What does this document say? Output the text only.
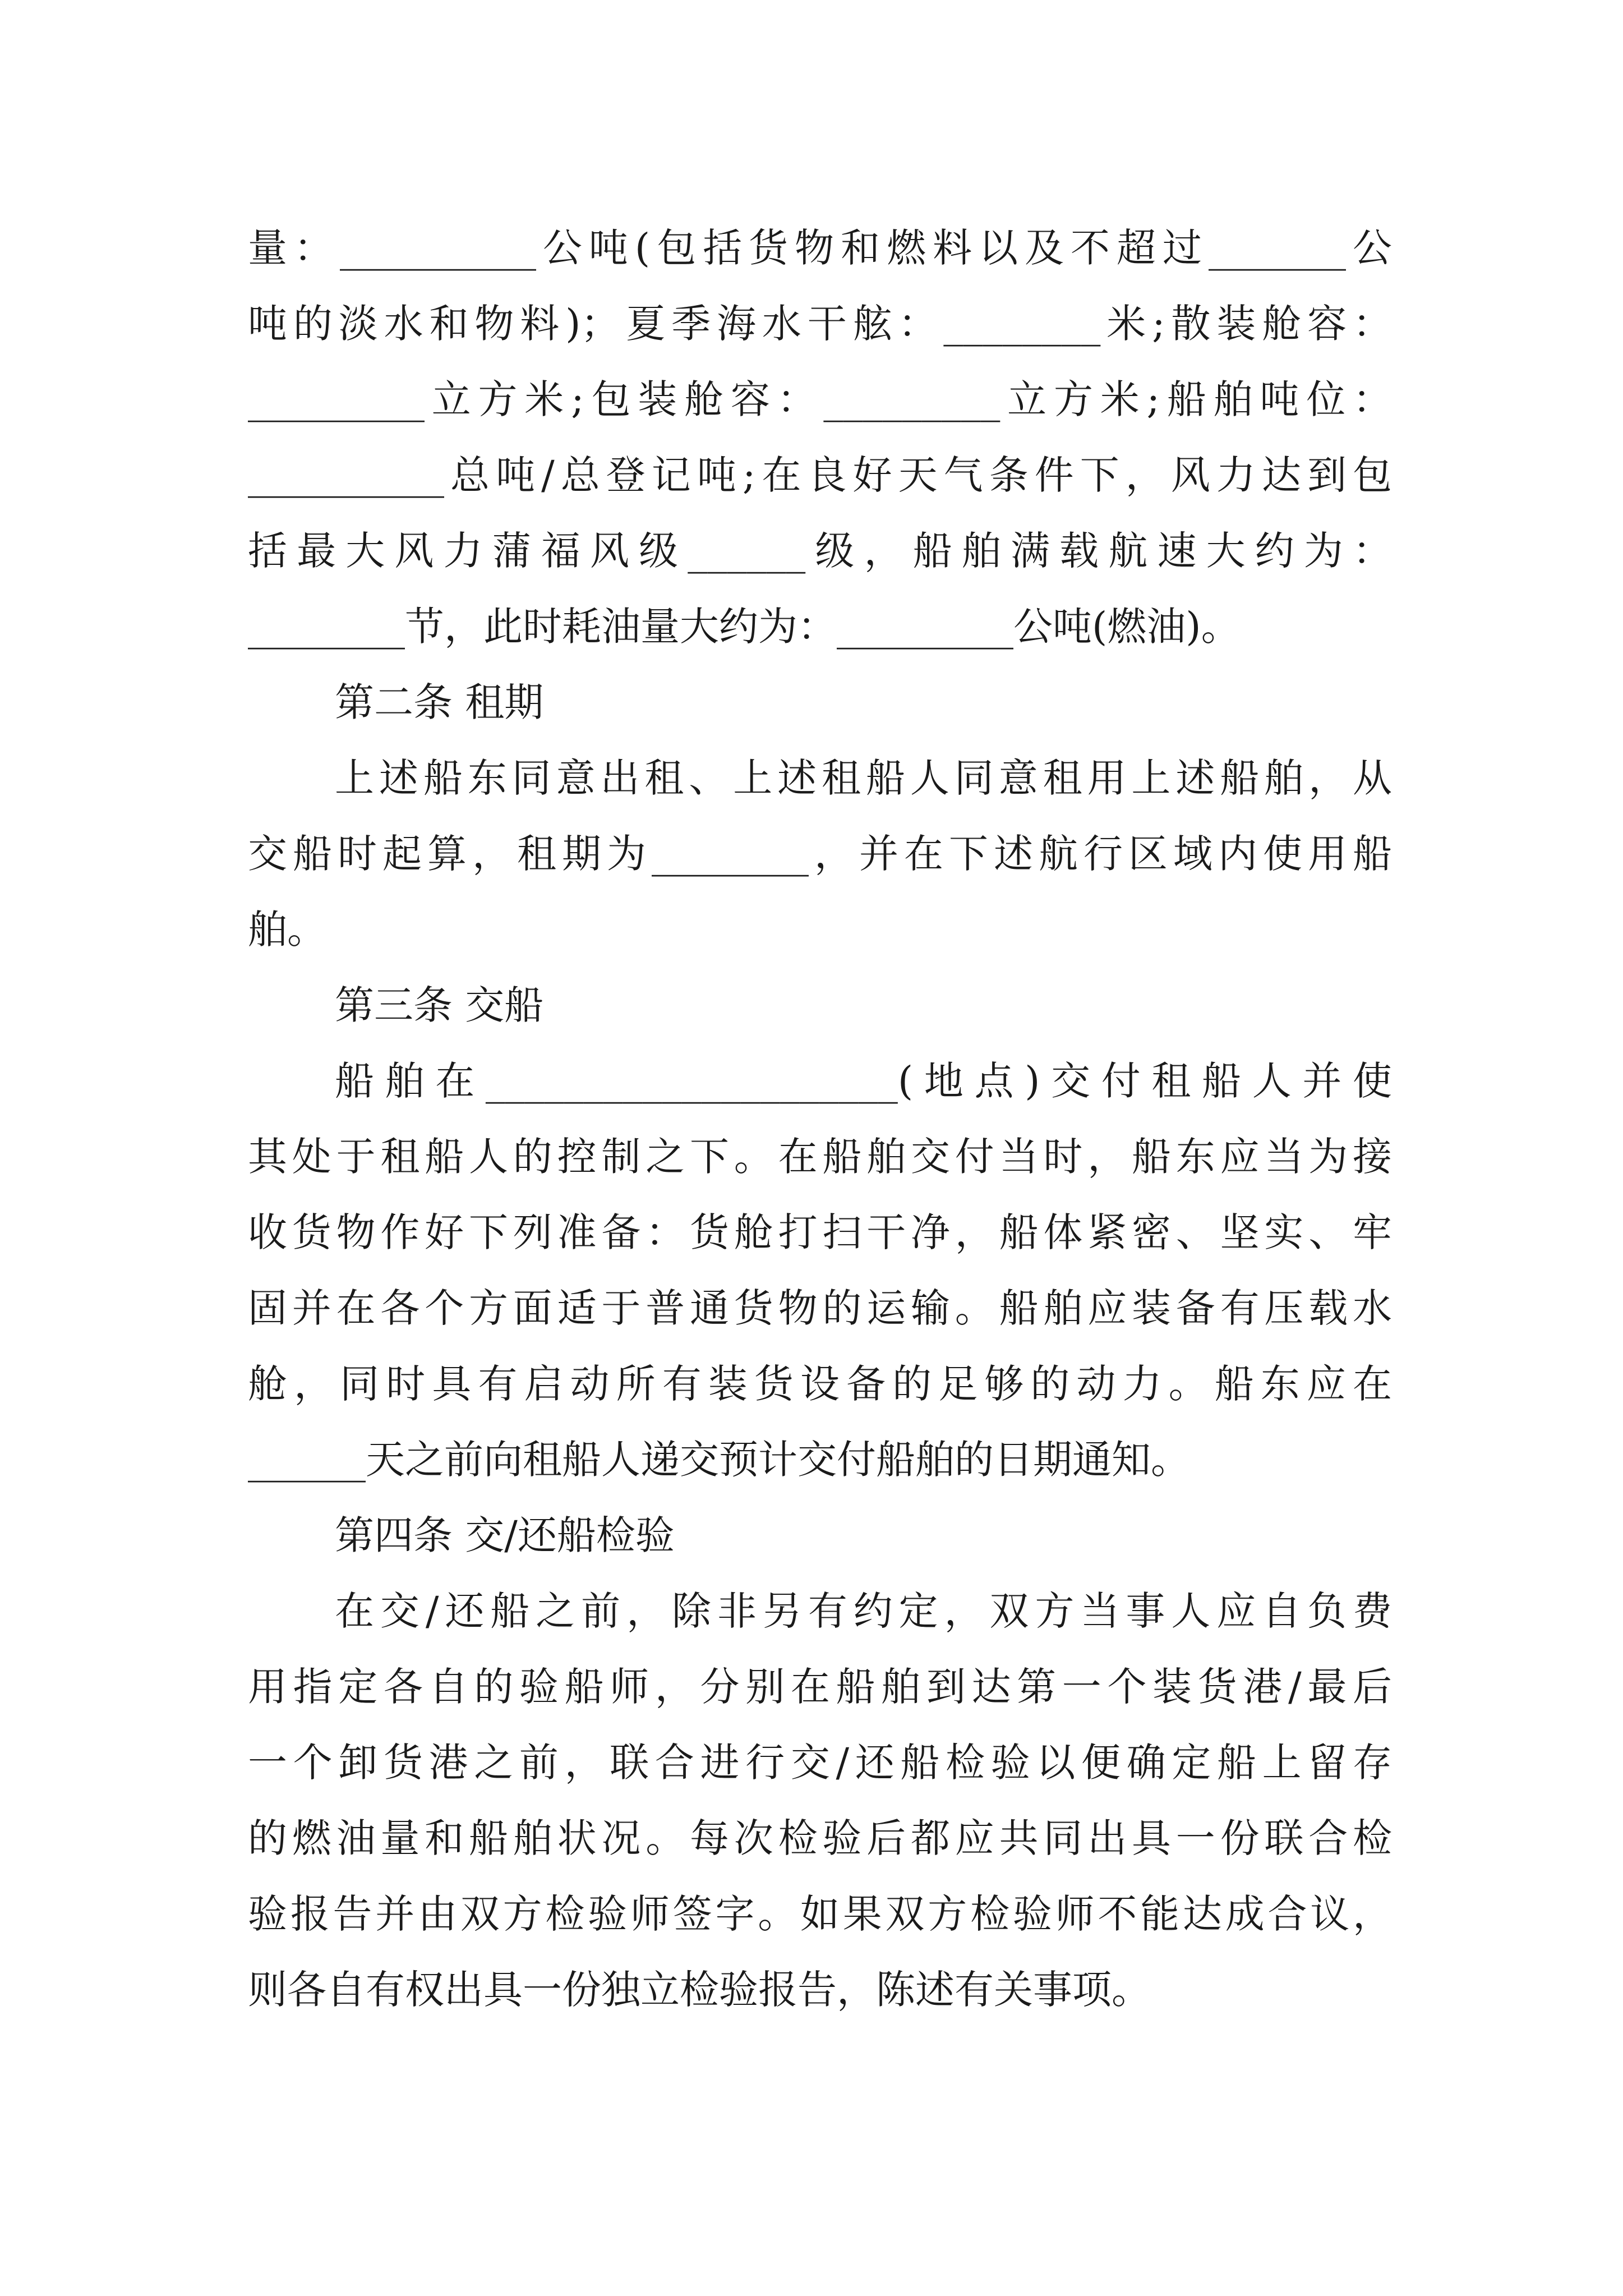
量：__________公吨(包括货物和燃料以及不超过_______公
吨的淡水和物料)；夏季海水干舷：________米;散装舱容：
_________立方米;包装舱容：_________立方米;船舶吨位：
__________总吨/总登记吨;在良好天气条件下，风力达到包
括最大风力蒲福风级______级，船舶满载航速大约为：
________节，此时耗油量大约为：_________公吨(燃油)。
第二条 租期
上述船东同意出租、上述租船人同意租用上述船舶，从
交船时起算，租期为________，并在下述航行区域内使用船
舶。
第三条 交船
船舶在_____________________(地点)交付租船人并使
其处于租船人的控制之下。在船舶交付当时，船东应当为接
收货物作好下列准备：货舱打扫干净，船体紧密、坚实、牢
固并在各个方面适于普通货物的运输。船舶应装备有压载水
舱，同时具有启动所有装货设备的足够的动力。船东应在
______天之前向租船人递交预计交付船舶的日期通知。
第四条 交/还船检验
在交/还船之前，除非另有约定，双方当事人应自负费
用指定各自的验船师，分别在船舶到达第一个装货港/最后
一个卸货港之前，联合进行交/还船检验以便确定船上留存
的燃油量和船舶状况。每次检验后都应共同出具一份联合检
验报告并由双方检验师签字。如果双方检验师不能达成合议，
则各自有权出具一份独立检验报告，陈述有关事项。
